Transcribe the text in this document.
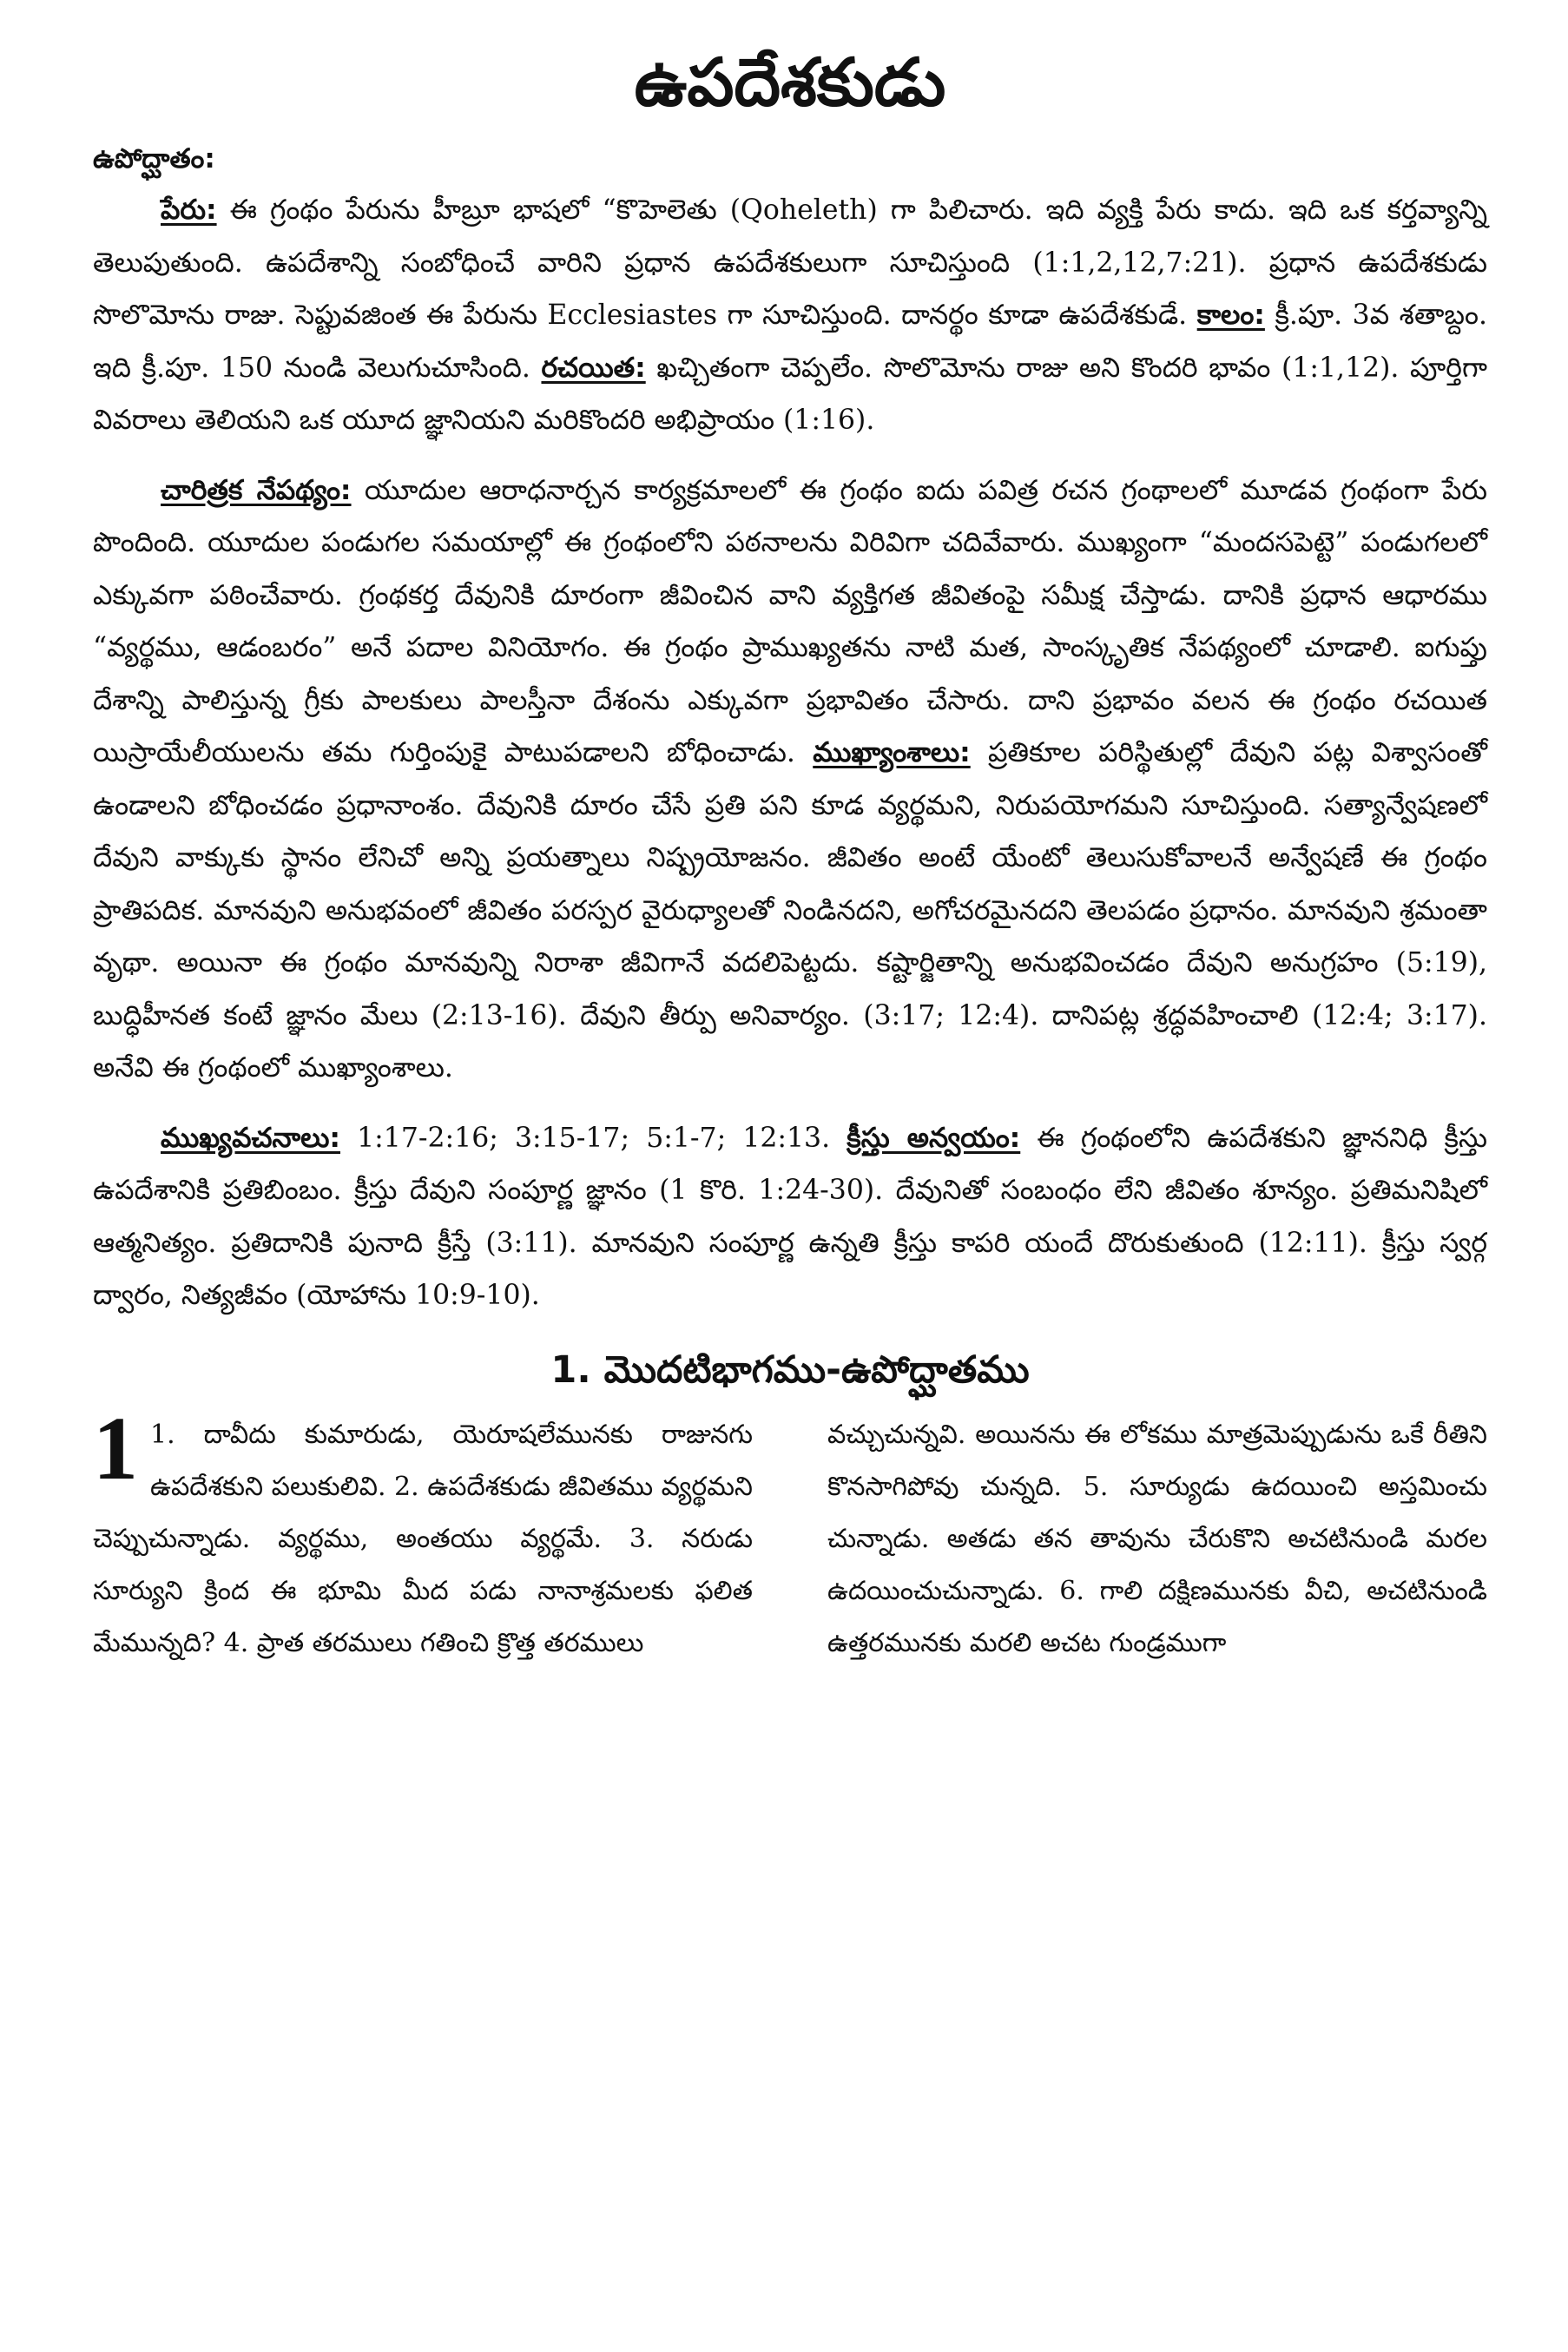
ఉపదేశకుడు
ఉపోద్ఘాతం:

పేరు: ఈ గ్రంథం పేరును హీబ్రూ భాషలో “కొహెలెతు (Qoheleth) గా పిలిచారు. ఇది వ్యక్తి పేరు కాదు. ఇది ఒక కర్తవ్యాన్ని తెలుపుతుంది. ఉపదేశాన్ని సంబోధించే వారిని ప్రధాన ఉపదేశకులుగా సూచిస్తుంది (1:1,2,12,7:21). ప్రధాన ఉపదేశకుడు సొలొమోను రాజు. సెప్టువజింత ఈ పేరును Ecclesiastes గా సూచిస్తుంది. దానర్థం కూడా ఉపదేశకుడే. కాలం: క్రీ.పూ. 3వ శతాబ్దం. ఇది క్రీ.పూ. 150 నుండి వెలుగుచూసింది. రచయిత: ఖచ్చితంగా చెప్పలేం. సొలొమోను రాజు అని కొందరి భావం (1:1,12). పూర్తిగా వివరాలు తెలియని ఒక యూద జ్ఞానియని మరికొందరి అభిప్రాయం (1:16).

చారిత్రక నేపథ్యం: యూదుల ఆరాధనార్చన కార్యక్రమాలలో ఈ గ్రంథం ఐదు పవిత్ర రచన గ్రంథాలలో మూడవ గ్రంథంగా పేరు పొందింది. యూదుల పండుగల సమయాల్లో ఈ గ్రంథంలోని పఠనాలను విరివిగా చదివేవారు. ముఖ్యంగా “మందసపెట్టె” పండుగలలో ఎక్కువగా పఠించేవారు. గ్రంథకర్త దేవునికి దూరంగా జీవించిన వాని వ్యక్తిగత జీవితంపై సమీక్ష చేస్తాడు. దానికి ప్రధాన ఆధారము “వ్యర్థము, ఆడంబరం” అనే పదాల వినియోగం. ఈ గ్రంథం ప్రాముఖ్యతను నాటి మత, సాంస్కృతిక నేపథ్యంలో చూడాలి. ఐగుప్తు దేశాన్ని పాలిస్తున్న గ్రీకు పాలకులు పాలస్తీనా దేశంను ఎక్కువగా ప్రభావితం చేసారు. దాని ప్రభావం వలన ఈ గ్రంథం రచయిత యిస్రాయేలీయులను తమ గుర్తింపుకై పాటుపడాలని బోధించాడు. ముఖ్యాంశాలు: ప్రతికూల పరిస్థితుల్లో దేవుని పట్ల విశ్వాసంతో ఉండాలని బోధించడం ప్రధానాంశం. దేవునికి దూరం చేసే ప్రతి పని కూడ వ్యర్థమని, నిరుపయోగమని సూచిస్తుంది. సత్యాన్వేషణలో దేవుని వాక్కుకు స్థానం లేనిచో అన్ని ప్రయత్నాలు నిష్ప్రయోజనం. జీవితం అంటే యేంటో తెలుసుకోవాలనే అన్వేషణే ఈ గ్రంథం ప్రాతిపదిక. మానవుని అనుభవంలో జీవితం పరస్పర వైరుధ్యాలతో నిండినదని, అగోచరమైనదని తెలపడం ప్రధానం. మానవుని శ్రమంతా వృథా. అయినా ఈ గ్రంథం మానవున్ని నిరాశా జీవిగానే వదలిపెట్టదు. కష్టార్జితాన్ని అనుభవించడం దేవుని అనుగ్రహం (5:19), బుద్ధిహీనత కంటే జ్ఞానం మేలు (2:13-16). దేవుని తీర్పు అనివార్యం. (3:17; 12:4). దానిపట్ల శ్రద్ధవహించాలి (12:4; 3:17). అనేవి ఈ గ్రంథంలో ముఖ్యాంశాలు.

ముఖ్యవచనాలు: 1:17-2:16; 3:15-17; 5:1-7; 12:13. క్రీస్తు అన్వయం: ఈ గ్రంథంలోని ఉపదేశకుని జ్ఞాననిధి క్రీస్తు ఉపదేశానికి ప్రతిబింబం. క్రీస్తు దేవుని సంపూర్ణ జ్ఞానం (1 కొరి. 1:24-30). దేవునితో సంబంధం లేని జీవితం శూన్యం. ప్రతిమనిషిలో ఆత్మనిత్యం. ప్రతిదానికి పునాది క్రీస్తే (3:11). మానవుని సంపూర్ణ ఉన్నతి క్రీస్తు కాపరి యందే దొరుకుతుంది (12:11). క్రీస్తు స్వర్గ ద్వారం, నిత్యజీవం (యోహాను 10:9-10).

1. మొదటిభాగము-ఉపోద్ఘాతము
1 1. దావీదు కుమారుడు, యెరూషలేమునకు రాజునగు ఉపదేశకుని పలుకులివి. 2. ఉపదేశకుడు జీవితము వ్యర్థమని చెప్పుచున్నాడు. వ్యర్థము, అంతయు వ్యర్థమే. 3. నరుడు సూర్యుని క్రింద ఈ భూమి మీద పడు నానాశ్రమలకు ఫలిత మేమున్నది? 4. ప్రాత తరములు గతించి క్రొత్త తరములు
వచ్చుచున్నవి. అయినను ఈ లోకము మాత్రమెప్పుడును ఒకే రీతిని కొనసాగిపోవు చున్నది. 5. సూర్యుడు ఉదయించి అస్తమించు చున్నాడు. అతడు తన తావును చేరుకొని అచటినుండి మరల ఉదయించుచున్నాడు. 6. గాలి దక్షిణమునకు వీచి, అచటినుండి ఉత్తరమునకు మరలి అచట గుండ్రముగా
